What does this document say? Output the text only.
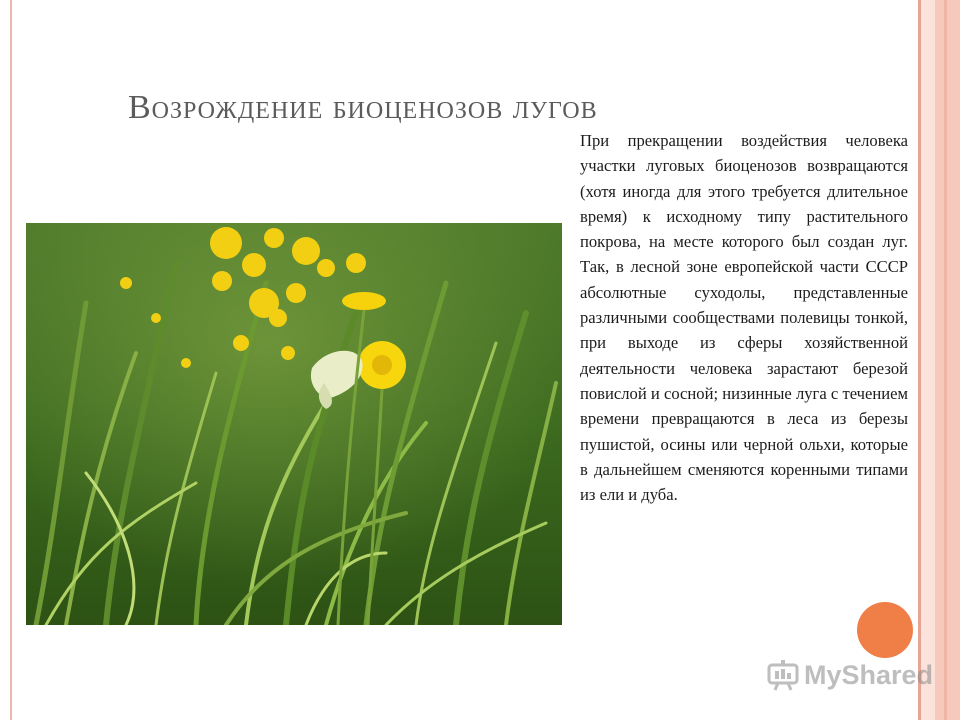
Возрождение биоценозов лугов

При прекращении воздействия человека участки луговых биоценозов возвращаются (хотя иногда для этого требуется длительное время) к исходному типу растительного покрова, на месте которого был создан луг. Так, в лесной зоне европейской части СССР абсолютные суходолы, представленные различными сообществами полевицы тонкой, при выходе из сферы хозяйственной деятельности человека зарастают березой повислой и сосной; низинные луга с течением времени превращаются в леса из березы пушистой, осины или черной ольхи, которые в дальнейшем сменяются коренными типами из ели и дуба.

MyShared
